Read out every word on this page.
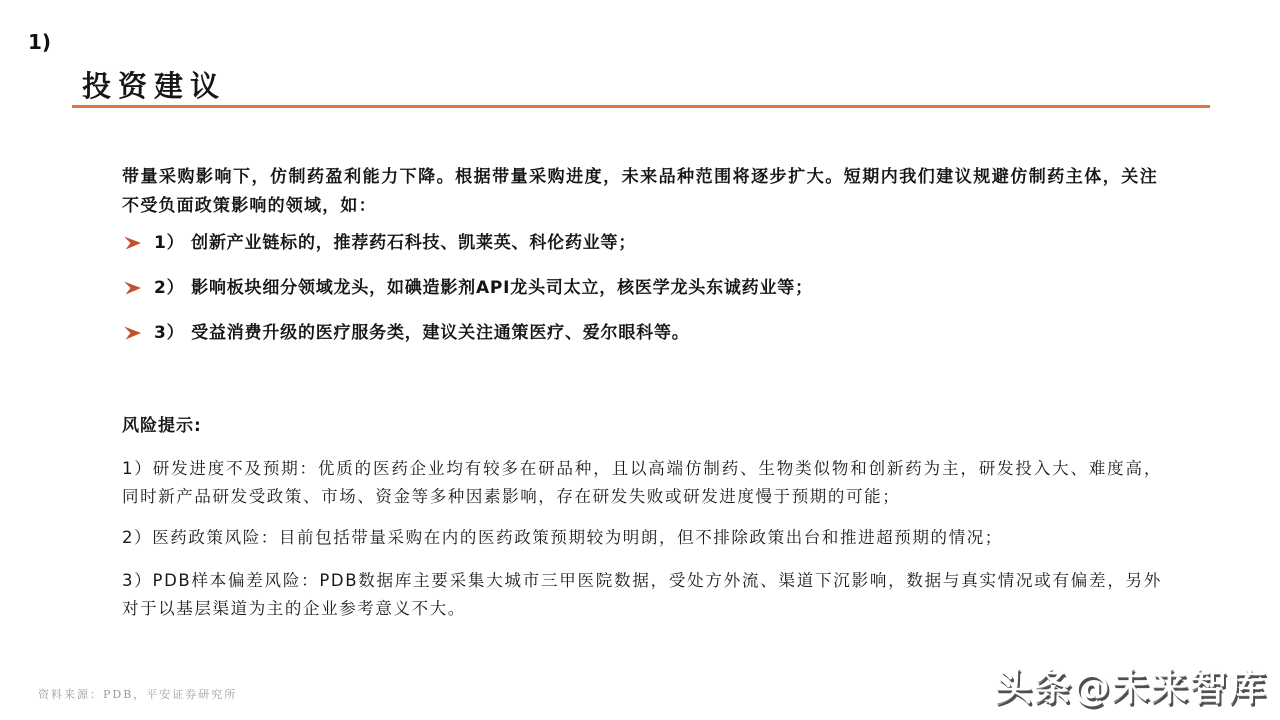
1)
投资建议

带量采购影响下，仿制药盈利能力下降。根据带量采购进度，未来品种范围将逐步扩大。短期内我们建议规避仿制药主体，关注不受负面政策影响的领域，如：

1） 创新产业链标的，推荐药石科技、凯莱英、科伦药业等；
2） 影响板块细分领域龙头，如碘造影剂API龙头司太立，核医学龙头东诚药业等；
3） 受益消费升级的医疗服务类，建议关注通策医疗、爱尔眼科等。
风险提示:

1）研发进度不及预期：优质的医药企业均有较多在研品种，且以高端仿制药、生物类似物和创新药为主，研发投入大、难度高，同时新产品研发受政策、市场、资金等多种因素影响，存在研发失败或研发进度慢于预期的可能；

2）医药政策风险：目前包括带量采购在内的医药政策预期较为明朗，但不排除政策出台和推进超预期的情况；

3）PDB样本偏差风险：PDB数据库主要采集大城市三甲医院数据，受处方外流、渠道下沉影响，数据与真实情况或有偏差，另外对于以基层渠道为主的企业参考意义不大。

资料来源：PDB，平安证券研究所	头条@未来智库
